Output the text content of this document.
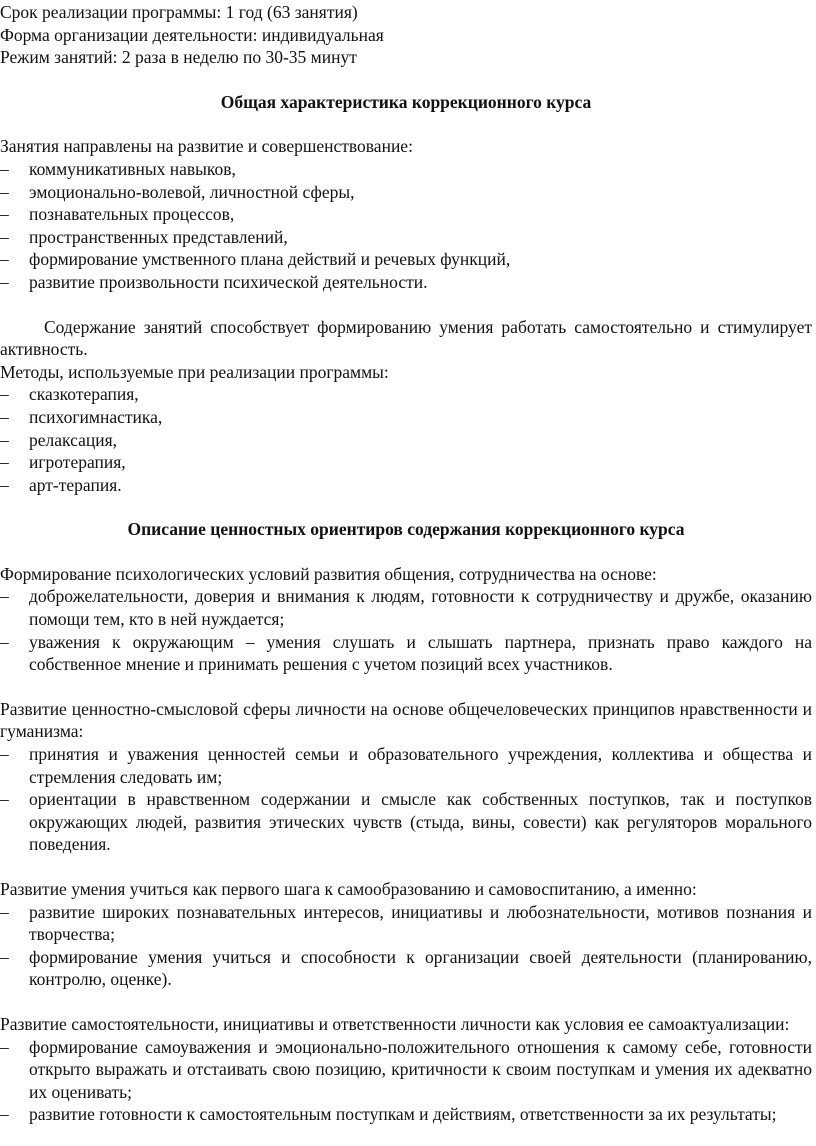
Срок реализации программы: 1 год (63 занятия)

Форма организации деятельности: индивидуальная

Режим занятий: 2 раза в неделю по 30-35 минут

Общая характеристика коррекционного курса

Занятия направлены на развитие и совершенствование:

– коммуникативных навыков,
– эмоционально-волевой, личностной сферы,
– познавательных процессов,
– пространственных представлений,
– формирование умственного плана действий и речевых функций,
– развитие произвольности психической деятельности.

Содержание занятий способствует формированию умения работать самостоятельно и стимулирует активность.

Методы, используемые при реализации программы:

– сказкотерапия,
– психогимнастика,
– релаксация,
– игротерапия,
– арт-терапия.

Описание ценностных ориентиров содержания коррекционного курса

Формирование психологических условий развития общения, сотрудничества на основе:

– доброжелательности, доверия и внимания к людям, готовности к сотрудничеству и дружбе, оказанию помощи тем, кто в ней нуждается;
– уважения к окружающим – умения слушать и слышать партнера, признать право каждого на собственное мнение и принимать решения с учетом позиций всех участников.

Развитие ценностно-смысловой сферы личности на основе общечеловеческих принципов нравственности и гуманизма:

– принятия и уважения ценностей семьи и образовательного учреждения, коллектива и общества и стремления следовать им;
– ориентации в нравственном содержании и смысле как собственных поступков, так и поступков окружающих людей, развития этических чувств (стыда, вины, совести) как регуляторов морального поведения.

Развитие умения учиться как первого шага к самообразованию и самовоспитанию, а именно:

– развитие широких познавательных интересов, инициативы и любознательности, мотивов познания и творчества;
– формирование умения учиться и способности к организации своей деятельности (планированию, контролю, оценке).

Развитие самостоятельности, инициативы и ответственности личности как условия ее самоактуализации:

– формирование самоуважения и эмоционально-положительного отношения к самому себе, готовности открыто выражать и отстаивать свою позицию, критичности к своим поступкам и умения их адекватно их оценивать;
– развитие готовности к самостоятельным поступкам и действиям, ответственности за их результаты;
